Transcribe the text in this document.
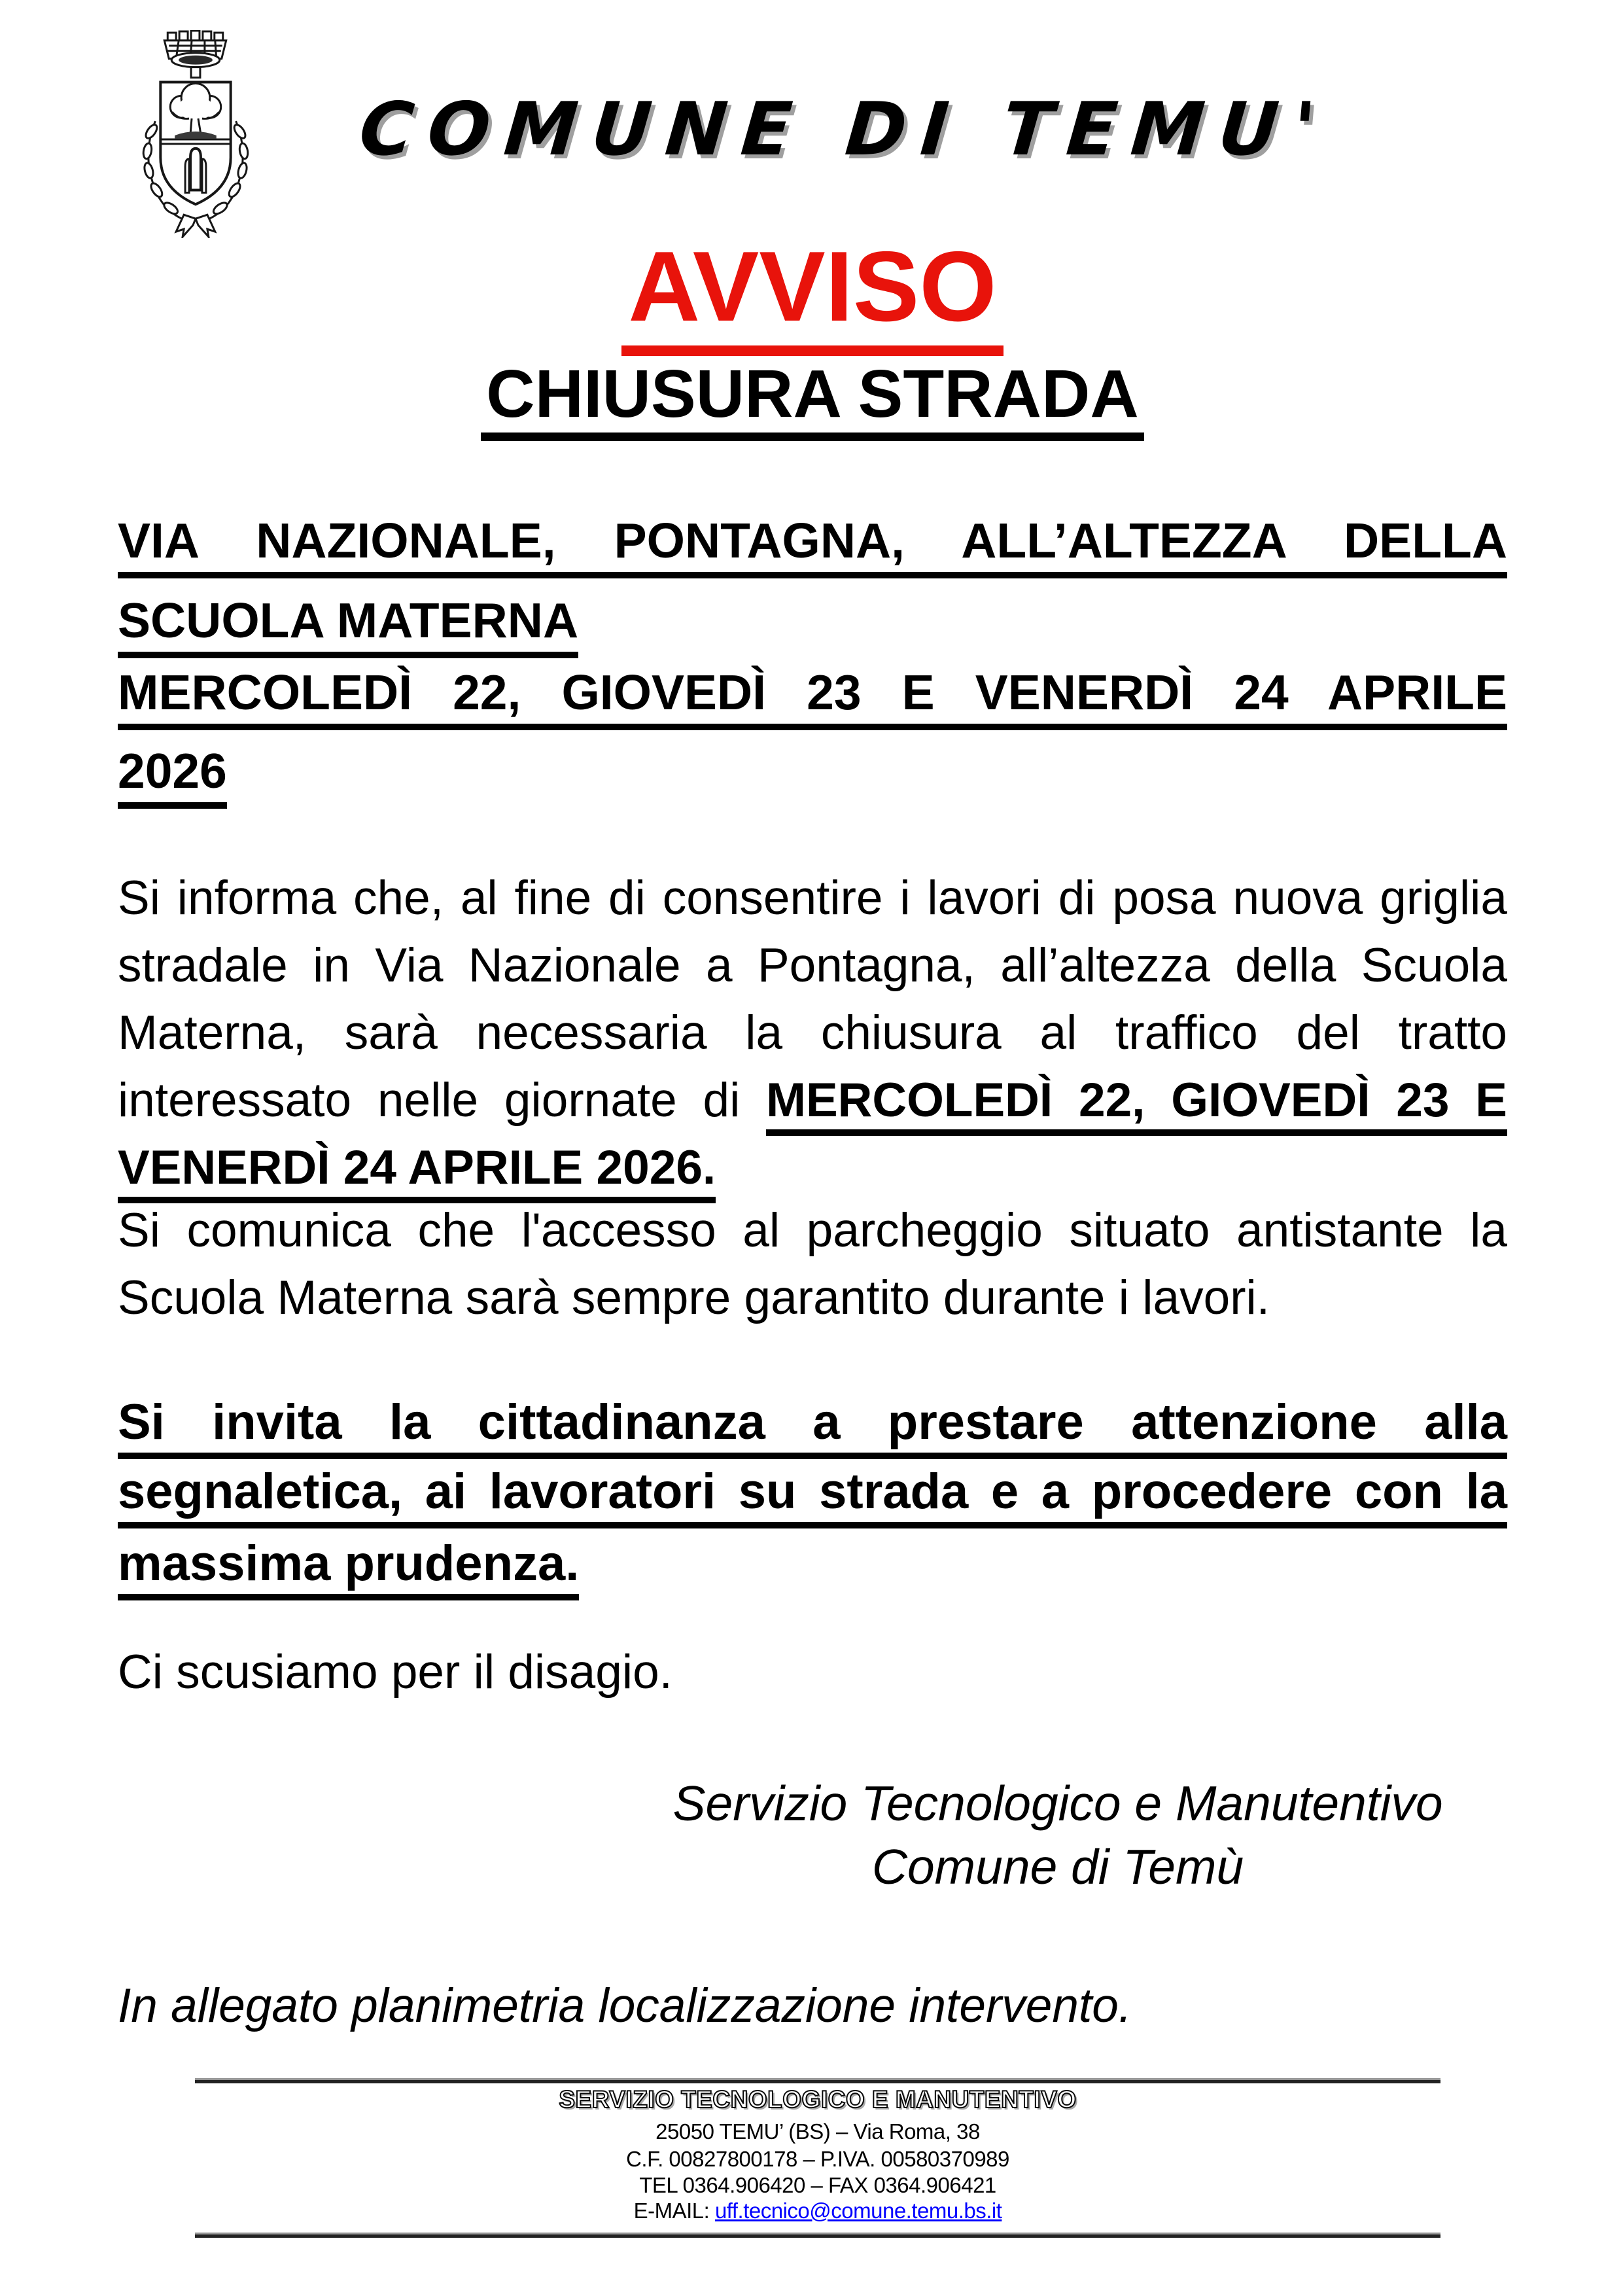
COMUNE DI TEMU'
AVVISO
CHIUSURA STRADA
VIA NAZIONALE, PONTAGNA, ALL’ALTEZZA DELLA
SCUOLA MATERNA
MERCOLEDÌ 22, GIOVEDÌ 23 E VENERDÌ 24 APRILE
2026
Si informa che, al fine di consentire i lavori di posa nuova griglia
stradale in Via Nazionale a Pontagna, all’altezza della Scuola
Materna, sarà necessaria la chiusura al traffico del tratto
interessato nelle giornate di MERCOLEDÌ 22, GIOVEDÌ 23 E
VENERDÌ 24 APRILE 2026.
Si comunica che l'accesso al parcheggio situato antistante la
Scuola Materna sarà sempre garantito durante i lavori.
Si invita la cittadinanza a prestare attenzione alla
segnaletica, ai lavoratori su strada e a procedere con la
massima prudenza.
Ci scusiamo per il disagio.
Servizio Tecnologico e Manutentivo
Comune di Temù
In allegato planimetria localizzazione intervento.
SERVIZIO TECNOLOGICO E MANUTENTIVO
25050 TEMU’ (BS) – Via Roma, 38
C.F. 00827800178 – P.IVA. 00580370989
TEL 0364.906420 – FAX 0364.906421
E-MAIL: uff.tecnico@comune.temu.bs.it
